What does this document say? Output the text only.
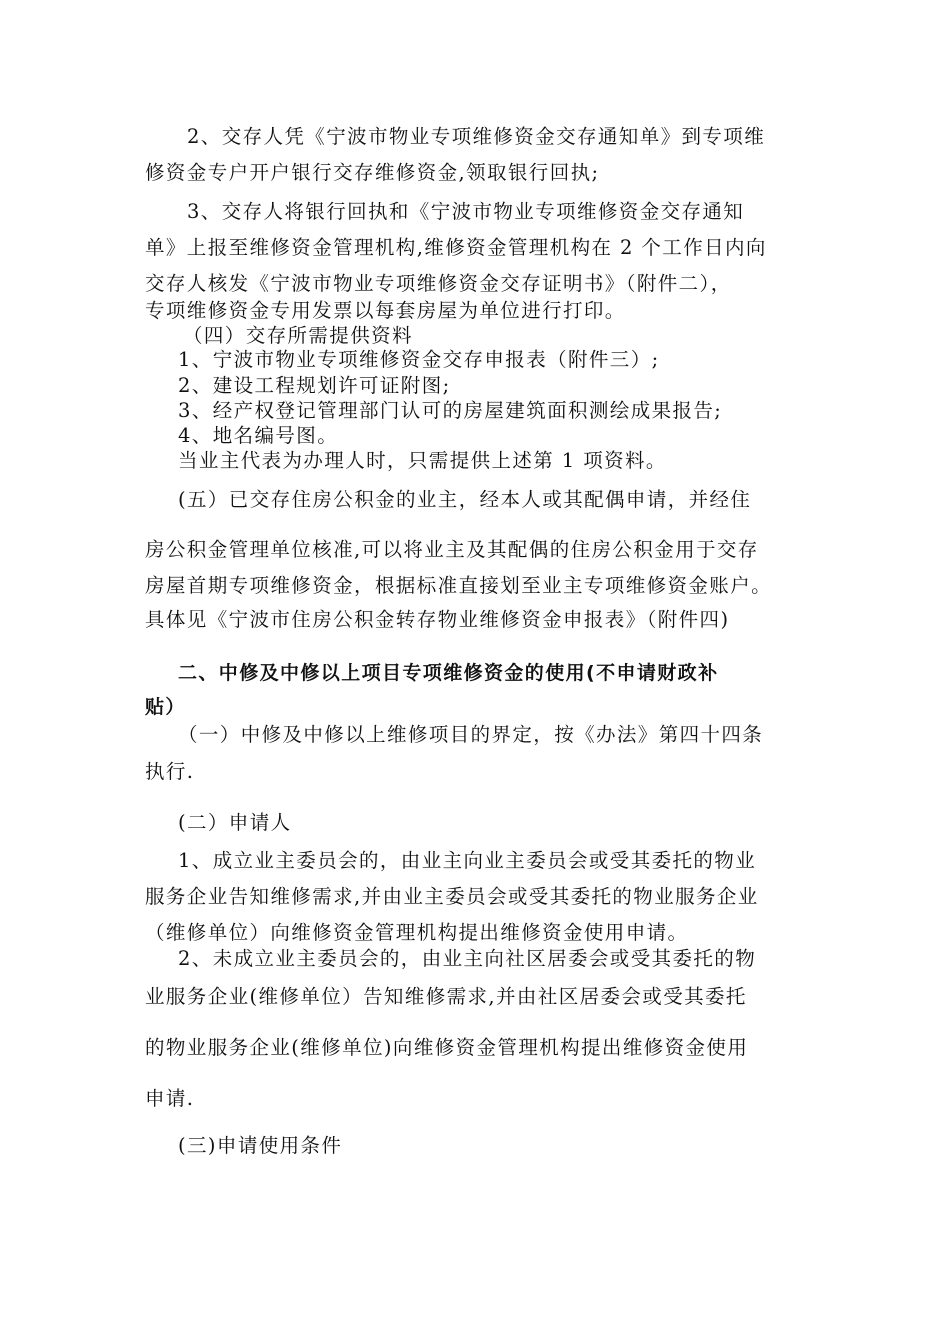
2、交存人凭《宁波市物业专项维修资金交存通知单》到专项维
修资金专户开户银行交存维修资金,领取银行回执;
3、交存人将银行回执和《宁波市物业专项维修资金交存通知
单》上报至维修资金管理机构,维修资金管理机构在 2 个工作日内向
交存人核发《宁波市物业专项维修资金交存证明书》（附件二），
专项维修资金专用发票以每套房屋为单位进行打印。
（四）交存所需提供资料
1、宁波市物业专项维修资金交存申报表（附件三）;
2、建设工程规划许可证附图;
3、经产权登记管理部门认可的房屋建筑面积测绘成果报告;
4、地名编号图。
当业主代表为办理人时，只需提供上述第 1 项资料。
(五）已交存住房公积金的业主，经本人或其配偶申请，并经住
房公积金管理单位核准,可以将业主及其配偶的住房公积金用于交存
房屋首期专项维修资金，根据标准直接划至业主专项维修资金账户。
具体见《宁波市住房公积金转存物业维修资金申报表》（附件四)
二、中修及中修以上项目专项维修资金的使用(不申请财政补
贴）
（一）中修及中修以上维修项目的界定，按《办法》第四十四条
执行.
(二）申请人
1、成立业主委员会的，由业主向业主委员会或受其委托的物业
服务企业告知维修需求,并由业主委员会或受其委托的物业服务企业
（维修单位）向维修资金管理机构提出维修资金使用申请。
2、未成立业主委员会的，由业主向社区居委会或受其委托的物
业服务企业(维修单位）告知维修需求,并由社区居委会或受其委托
的物业服务企业(维修单位)向维修资金管理机构提出维修资金使用
申请.
(三)申请使用条件
